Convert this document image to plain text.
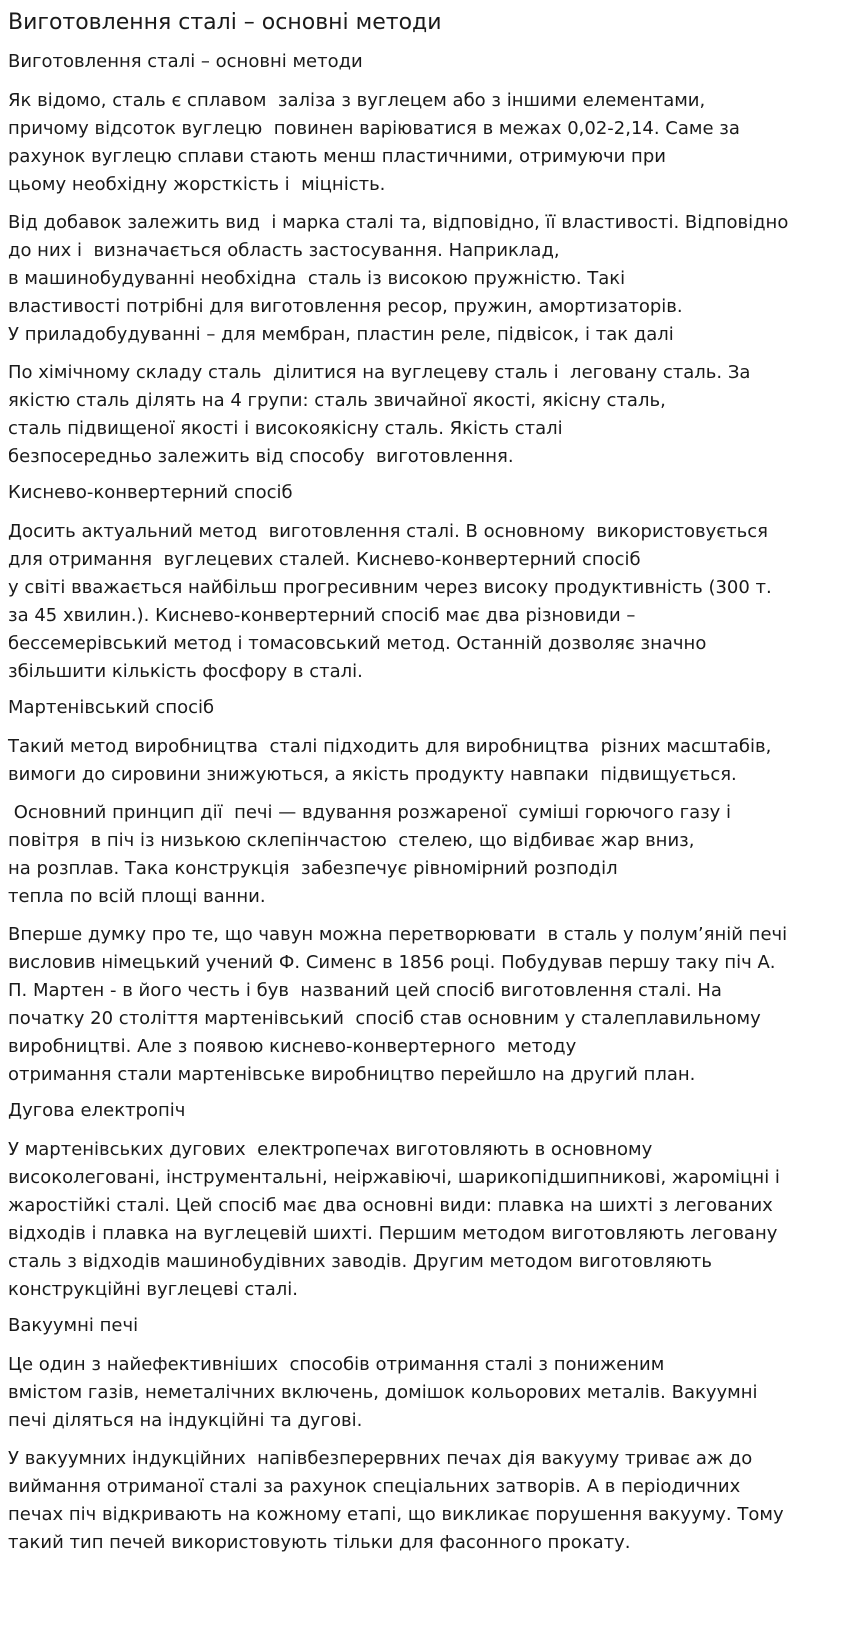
Виготовлення сталі – основні методи
Виготовлення сталі – основні методи
Як відомо, сталь є сплавом  заліза з вуглецем або з іншими елементами,
причому відсоток вуглецю  повинен варіюватися в межах 0,02-2,14. Саме за
рахунок вуглецю сплави стають менш пластичними, отримуючи при
цьому необхідну жорсткість і  міцність.
Від добавок залежить вид  і марка сталі та, відповідно, її властивості. Відповідно
до них і  визначається область застосування. Наприклад,
в машинобудуванні необхідна  сталь із високою пружністю. Такі
властивості потрібні для виготовлення ресор, пружин, амортизаторів.
У приладобудуванні – для мембран, пластин реле, підвісок, і так далі
По хімічному складу сталь  ділитися на вуглецеву сталь і  леговану сталь. За
якістю сталь ділять на 4 групи: сталь звичайної якості, якісну сталь,
сталь підвищеної якості і високоякісну сталь. Якість сталі
безпосередньо залежить від способу  виготовлення.
Киснево-конвертерний спосіб
Досить актуальний метод  виготовлення сталі. В основному  використовується
для отримання  вуглецевих сталей. Киснево-конвертерний спосіб
у світі вважається найбільш прогресивним через високу продуктивність (300 т.
за 45 хвилин.). Киснево-конвертерний спосіб має два різновиди –
бессемерівський метод і томасовський метод. Останній дозволяє значно
збільшити кількість фосфору в сталі.
Мартенівський спосіб
Такий метод виробництва  сталі підходить для виробництва  різних масштабів,
вимоги до сировини знижуються, а якість продукту навпаки  підвищується.
Основний принцип дії  печі — вдування розжареної  суміші горючого газу і
повітря  в піч із низькою склепінчастою  стелею, що відбиває жар вниз,
на розплав. Така конструкція  забезпечує рівномірний розподіл
тепла по всій площі ванни.
Вперше думку про те, що чавун можна перетворювати  в сталь у полум’яній печі
висловив німецький учений Ф. Сименс в 1856 році. Побудував першу таку піч А.
П. Мартен - в його честь і був  названий цей спосіб виготовлення сталі. На
початку 20 століття мартенівський  спосіб став основним у сталеплавильному
виробництві. Але з появою киснево-конвертерного  методу
отримання стали мартенівське виробництво перейшло на другий план.
Дугова електропіч
У мартенівських дугових  електропечах виготовляють в основному
високолеговані, інструментальні, неіржавіючі, шарикопідшипникові, жароміцні і
жаростійкі сталі. Цей спосіб має два основні види: плавка на шихті з легованих
відходів і плавка на вуглецевій шихті. Першим методом виготовляють леговану
сталь з відходів машинобудівних заводів. Другим методом виготовляють
конструкційні вуглецеві сталі.
Вакуумні печі
Це один з найефективніших  способів отримання сталі з пониженим
вмістом газів, неметалічних включень, домішок кольорових металів. Вакуумні
печі діляться на індукційні та дугові.
У вакуумних індукційних  напівбезперервних печах дія вакууму триває аж до
виймання отриманої сталі за рахунок спеціальних затворів. А в періодичних
печах піч відкривають на кожному етапі, що викликає порушення вакууму. Тому
такий тип печей використовують тільки для фасонного прокату.
